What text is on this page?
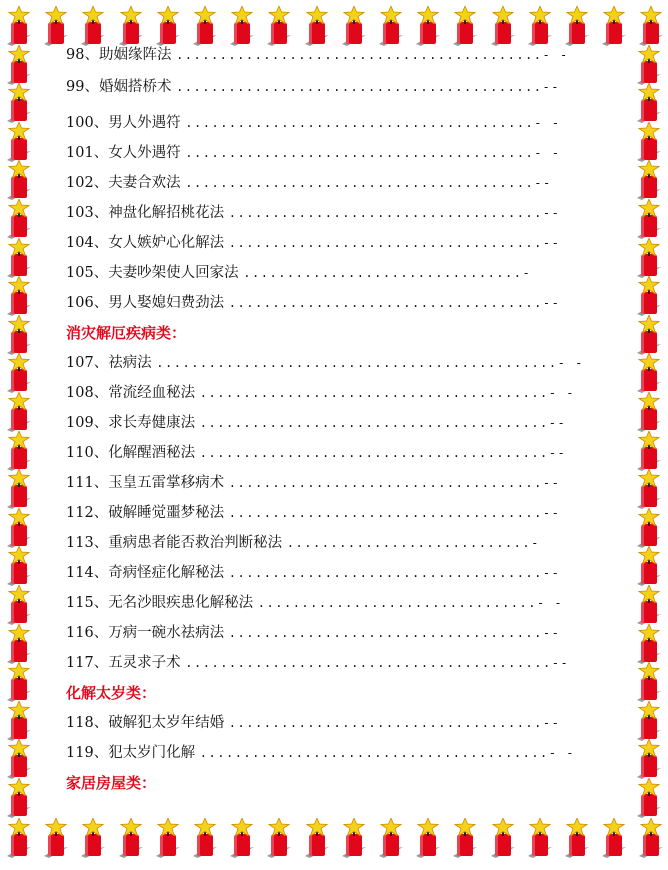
98、助姻缘阵法 ..........................................- -
99、婚姻搭桥术 ..........................................--
100、男人外遇符 ........................................- -
101、女人外遇符 ........................................- -
102、夫妻合欢法 ........................................--
103、神盘化解招桃花法 ....................................--
104、女人嫉妒心化解法 ....................................--
105、夫妻吵架使人回家法 ................................-
106、男人娶媳妇费劲法 ....................................--
消灾解厄疾病类：
107、祛病法 ..............................................- -
108、常流经血秘法 ........................................- -
109、求长寿健康法 ........................................--
110、化解醒酒秘法 ........................................--
111、玉皇五雷掌移病术 ....................................--
112、破解睡觉噩梦秘法 ....................................--
113、重病患者能否救治判断秘法 ............................-
114、奇病怪症化解秘法 ....................................--
115、无名沙眼疾患化解秘法 ................................- -
116、万病一碗水祛病法 ....................................--
117、五灵求子术 ..........................................--
化解太岁类：
118、破解犯太岁年结婚 ....................................--
119、犯太岁门化解 ........................................- -
家居房屋类：
